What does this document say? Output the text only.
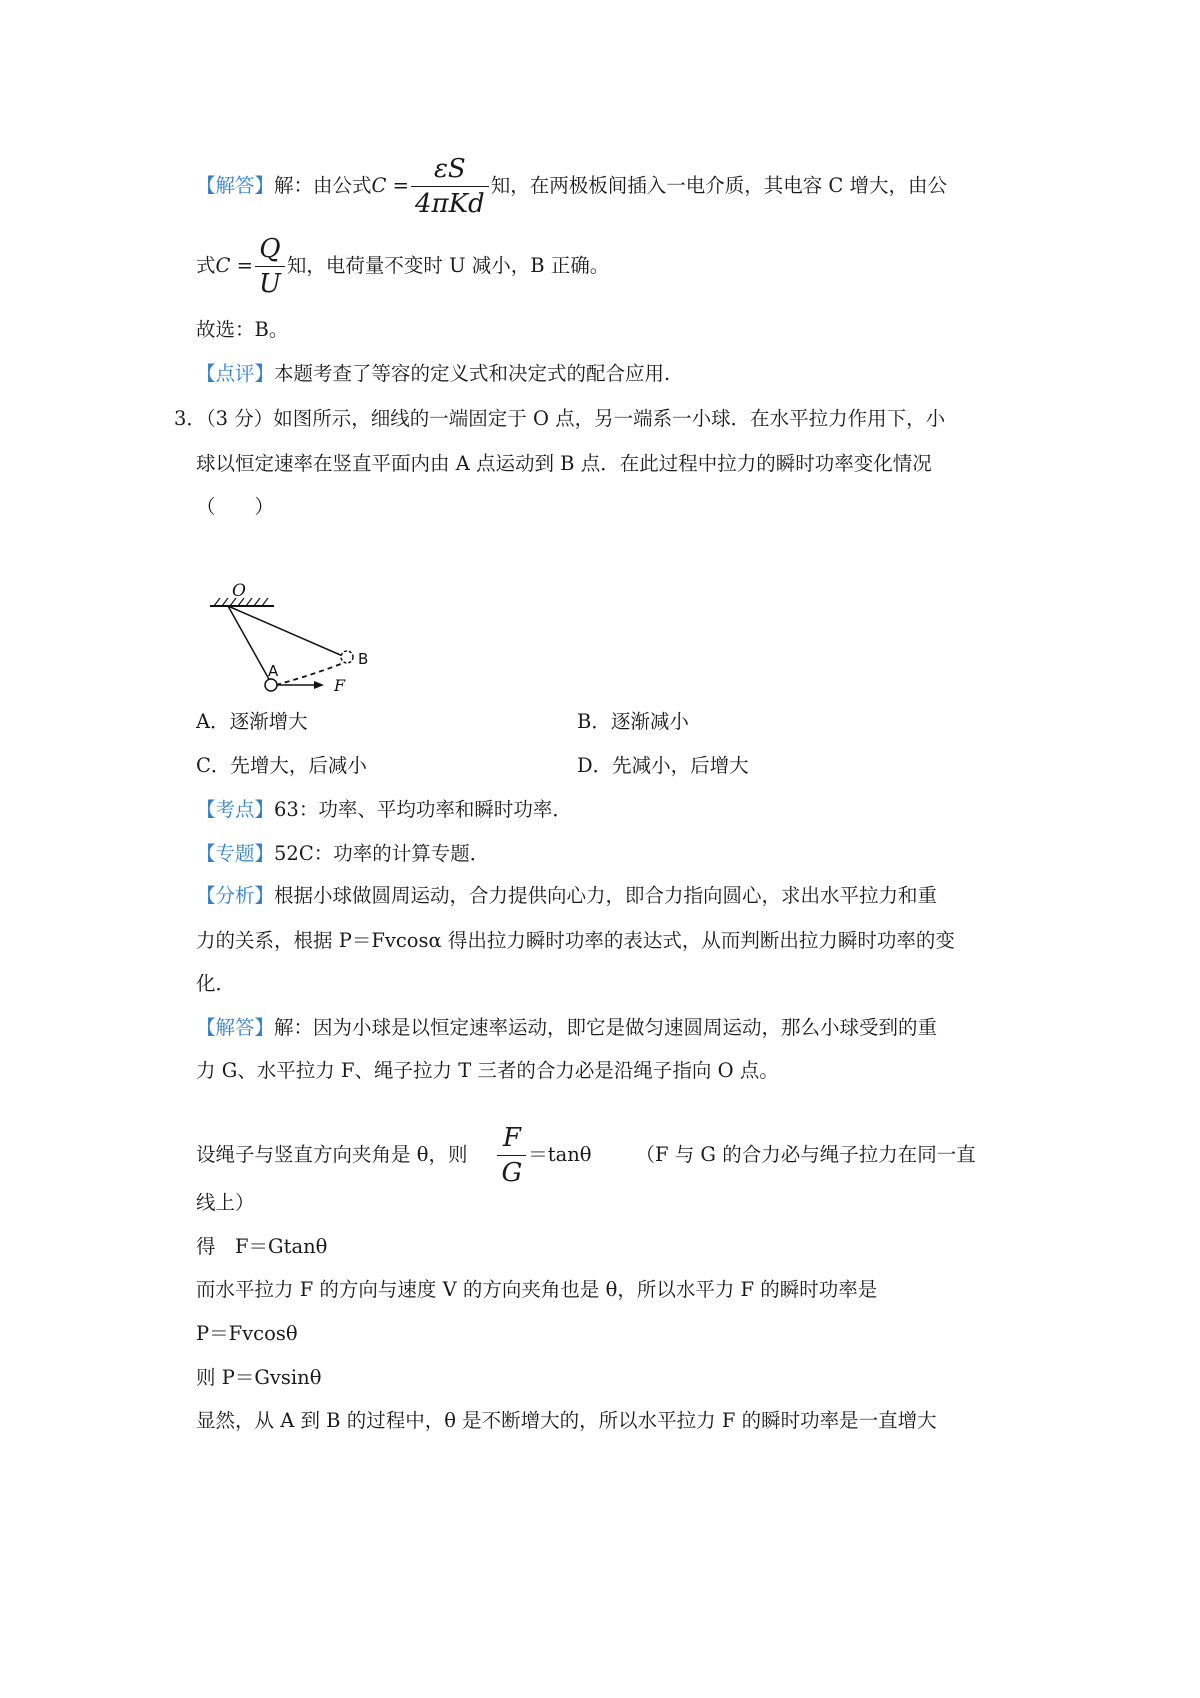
【解答】解：由公式$C = \frac{\varepsilon S}{\text{4πKd}}$ 知，在两极板间插入一电介质，其电容 C 增大，由公
式$C = \frac{Q}{U}$ 知，电荷量不变时 U 减小，B 正确。
故选：B。
【点评】本题考查了等容的定义式和决定式的配合应用.
3．（3 分）如图所示，细线的一端固定于 O 点，另一端系一小球．在水平拉力作用下，小
球以恒定速率在竖直平面内由 A 点运动到 B 点．在此过程中拉力的瞬时功率变化情况
（　　）
O
A
B
F
A．逐渐增大	B．逐渐减小
C．先增大，后减小	D．先减小，后增大
【考点】63：功率、平均功率和瞬时功率．
【专题】52C：功率的计算专题．
【分析】根据小球做圆周运动，合力提供向心力，即合力指向圆心，求出水平拉力和重
力的关系，根据 P＝Fvcosα 得出拉力瞬时功率的表达式，从而判断出拉力瞬时功率的变
化．
【解答】解：因为小球是以恒定速率运动，即它是做匀速圆周运动，那么小球受到的重
力 G、水平拉力 F、绳子拉力 T 三者的合力必是沿绳子指向 O 点。
设绳子与竖直方向夹角是 θ，则 $\frac{F}{G} =\tan\theta$ （F 与 G 的合力必与绳子拉力在同一直
线上）
得　F＝Gtanθ
而水平拉力 F 的方向与速度 V 的方向夹角也是 θ，所以水平力 F 的瞬时功率是
P＝Fvcosθ
则 P＝Gvsinθ
显然，从 A 到 B 的过程中，θ 是不断增大的，所以水平拉力 F 的瞬时功率是一直增大
